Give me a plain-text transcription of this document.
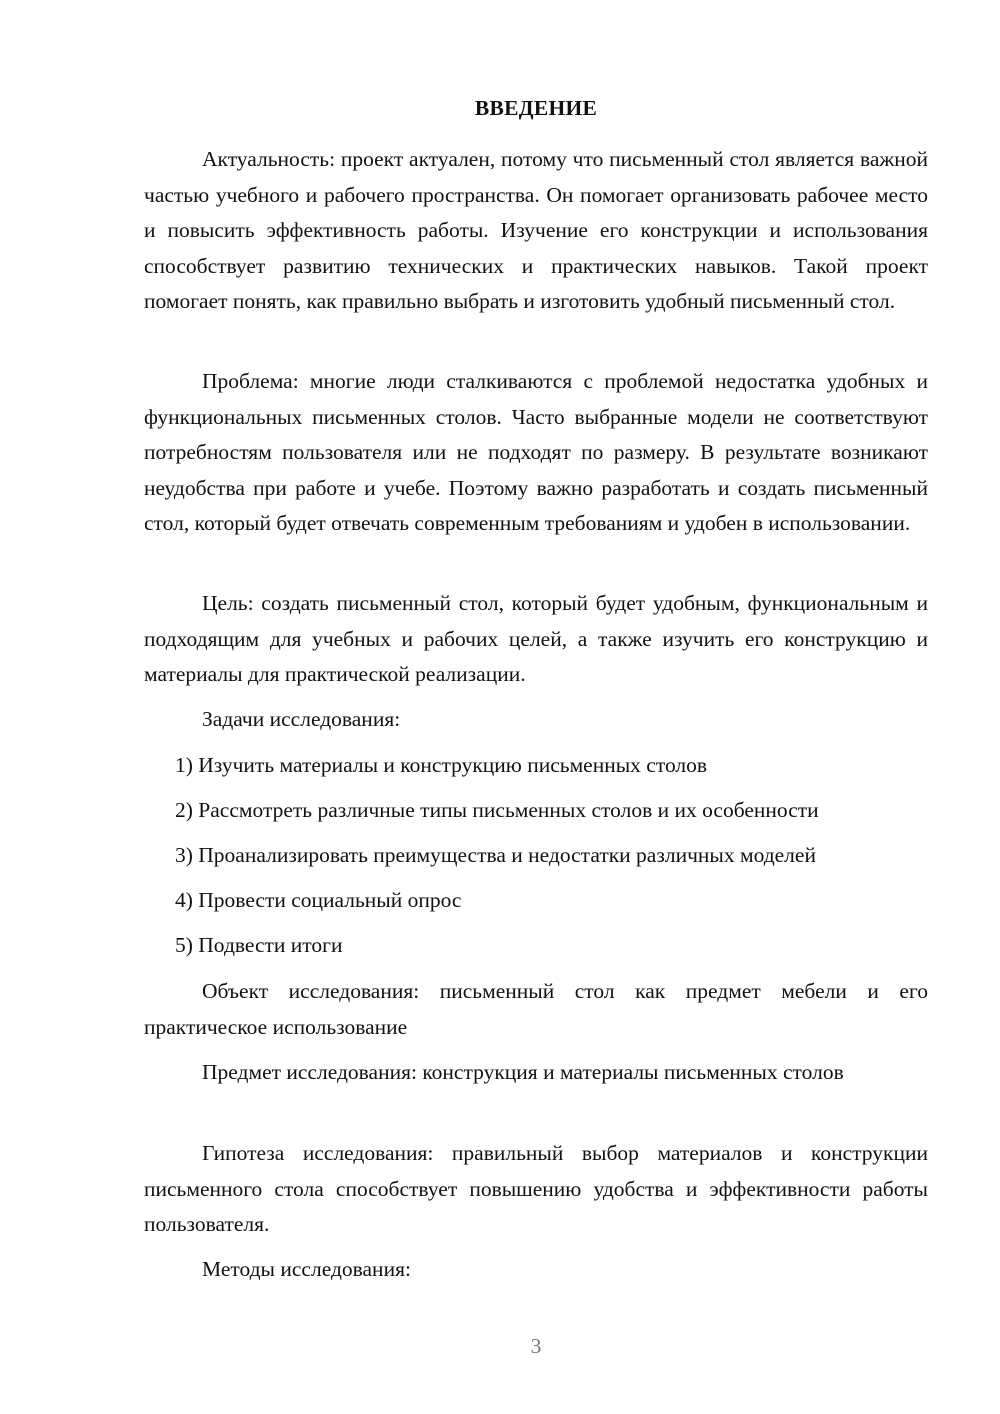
ВВЕДЕНИЕ

Актуальность: проект актуален, потому что письменный стол является важной частью учебного и рабочего пространства. Он помогает организовать рабочее место и повысить эффективность работы. Изучение его конструкции и использования способствует развитию технических и практических навыков. Такой проект помогает понять, как правильно выбрать и изготовить удобный письменный стол.

Проблема: многие люди сталкиваются с проблемой недостатка удобных и функциональных письменных столов. Часто выбранные модели не соответствуют потребностям пользователя или не подходят по размеру. В результате возникают неудобства при работе и учебе. Поэтому важно разработать и создать письменный стол, который будет отвечать современным требованиям и удобен в использовании.

Цель: создать письменный стол, который будет удобным, функциональным и подходящим для учебных и рабочих целей, а также изучить его конструкцию и материалы для практической реализации.

Задачи исследования:

1) Изучить материалы и конструкцию письменных столов

2) Рассмотреть различные типы письменных столов и их особенности

3) Проанализировать преимущества и недостатки различных моделей

4) Провести социальный опрос

5) Подвести итоги

Объект исследования: письменный стол как предмет мебели и его практическое использование

Предмет исследования: конструкция и материалы письменных столов

Гипотеза исследования: правильный выбор материалов и конструкции письменного стола способствует повышению удобства и эффективности работы пользователя.

Методы исследования:

3
